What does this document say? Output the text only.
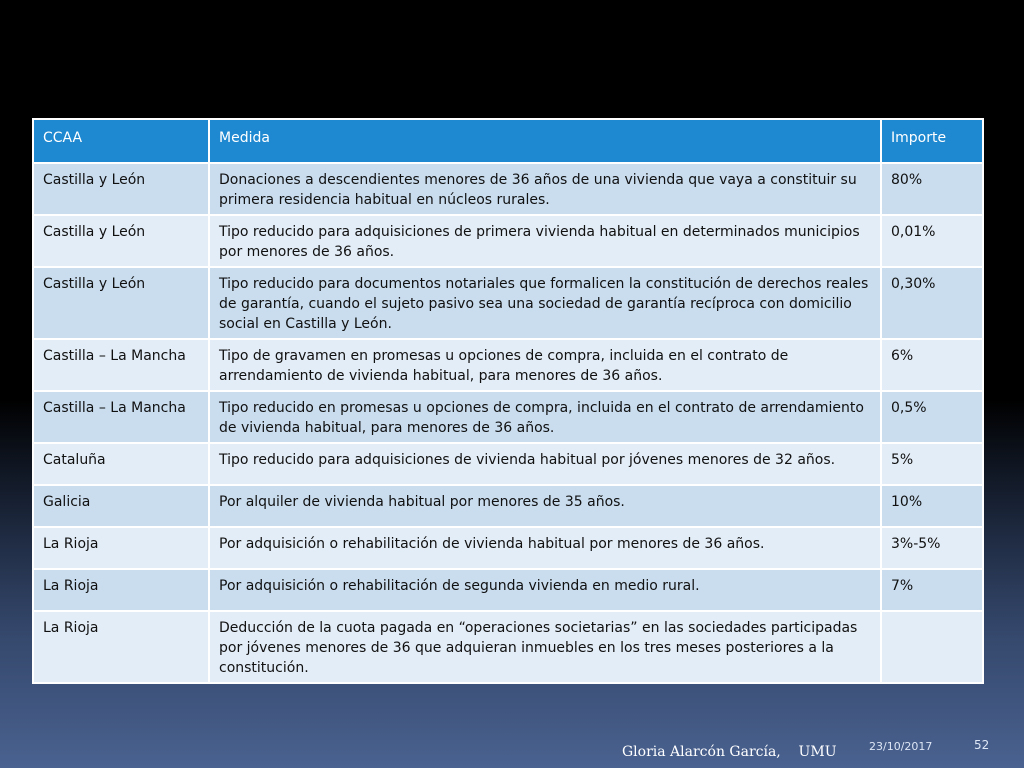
CCAA	Medida	Importe
Castilla y León	Donaciones a descendientes menores de 36 años de una vivienda que vaya a constituir su primera residencia habitual en núcleos rurales.	80%
Castilla y León	Tipo reducido para adquisiciones de primera vivienda habitual en determinados municipios por menores de 36 años.	0,01%
Castilla y León	Tipo reducido para documentos notariales que formalicen la constitución de derechos reales de garantía, cuando el sujeto pasivo sea una sociedad de garantía recíproca con domicilio social en Castilla y León.	0,30%
Castilla – La Mancha	Tipo de gravamen en promesas u opciones de compra, incluida en el contrato de arrendamiento de vivienda habitual, para menores de 36 años.	6%
Castilla – La Mancha	Tipo reducido en promesas u opciones de compra, incluida en el contrato de arrendamiento de vivienda habitual, para menores de 36 años.	0,5%
Cataluña	Tipo reducido para adquisiciones de vivienda habitual por jóvenes menores de 32 años.	5%
Galicia	Por alquiler de vivienda habitual por menores de 35 años.	10%
La Rioja	Por adquisición o rehabilitación de vivienda habitual por menores de 36 años.	3%-5%
La Rioja	Por adquisición o rehabilitación de segunda vivienda en medio rural.	7%
La Rioja	Deducción de la cuota pagada en “operaciones societarias” en las sociedades participadas por jóvenes menores de 36 que adquieran inmuebles en los tres meses posteriores a la constitución.	
Gloria Alarcón García,    UMU	23/10/2017	52
